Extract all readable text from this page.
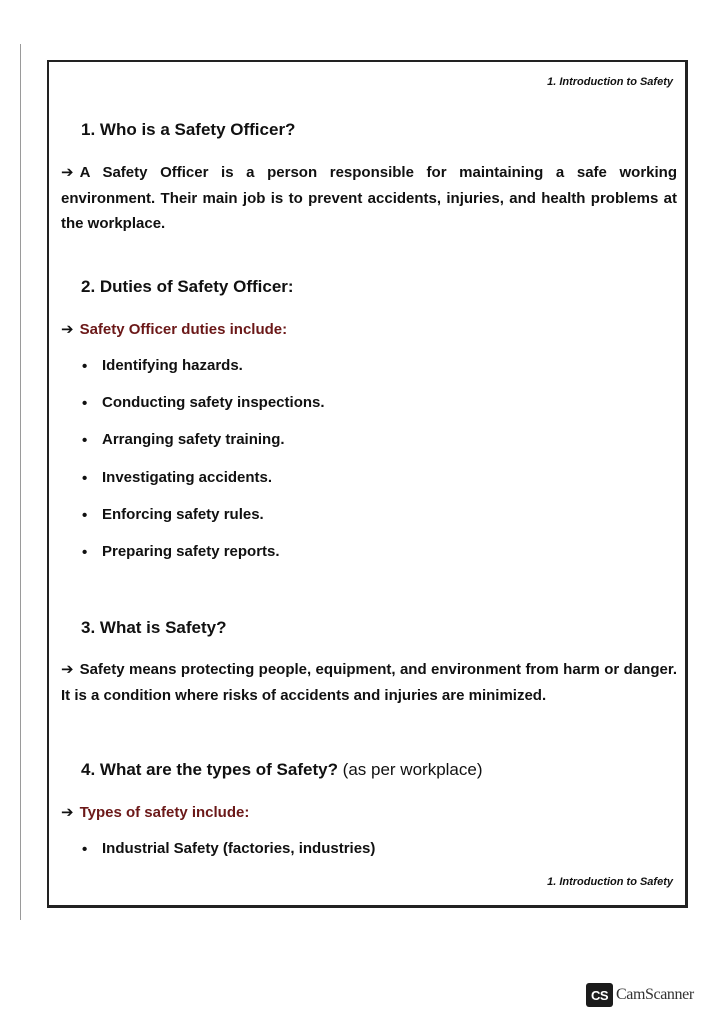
1. Introduction to Safety
1. Who is a Safety Officer?

➔ A Safety Officer is a person responsible for maintaining a safe working environment. Their main job is to prevent accidents, injuries, and health problems at the workplace.

2. Duties of Safety Officer:

➔ Safety Officer duties include:

• Identifying hazards.
• Conducting safety inspections.
• Arranging safety training.
• Investigating accidents.
• Enforcing safety rules.
• Preparing safety reports.
3. What is Safety?

➔ Safety means protecting people, equipment, and environment from harm or danger. It is a condition where risks of accidents and injuries are minimized.

4. What are the types of Safety? (as per workplace)

➔ Types of safety include:

• Industrial Safety (factories, industries)
1. Introduction to Safety
CS CamScanner
